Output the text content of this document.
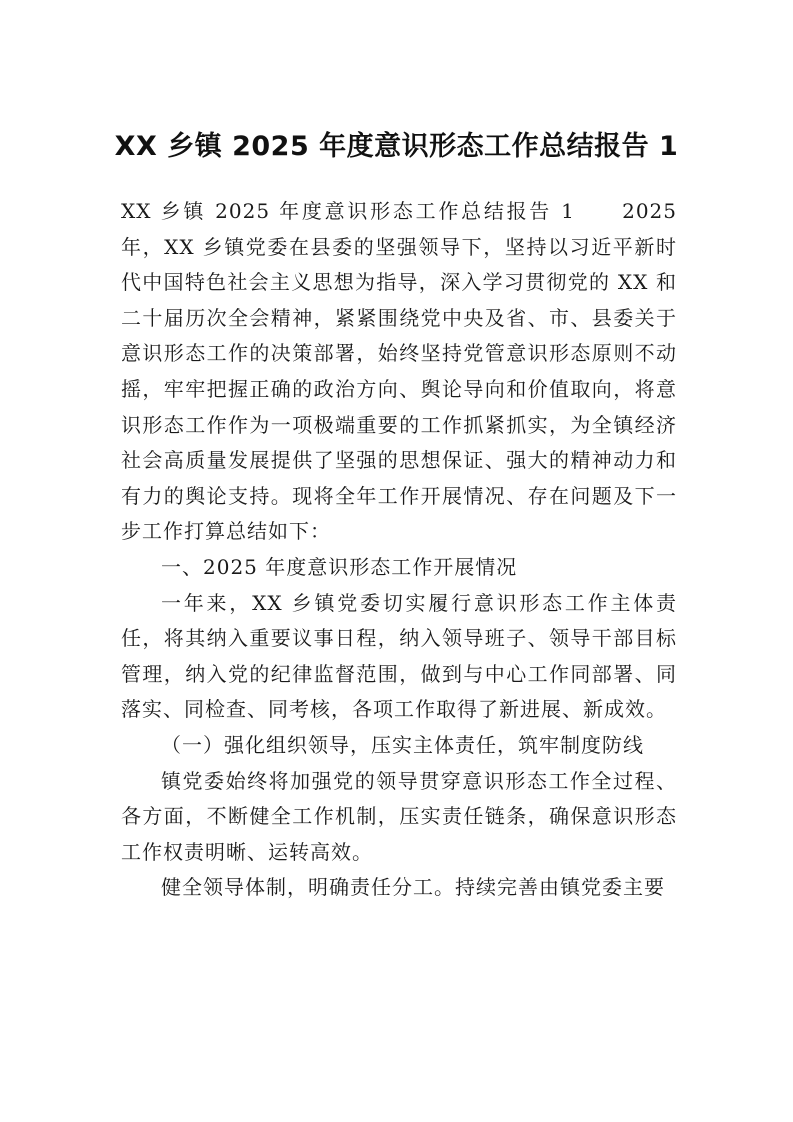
XX 乡镇 2025 年度意识形态工作总结报告 1

XX 乡镇 2025 年度意识形态工作总结报告 1　　2025 年，XX 乡镇党委在县委的坚强领导下，坚持以习近平新时代中国特色社会主义思想为指导，深入学习贯彻党的 XX 和二十届历次全会精神，紧紧围绕党中央及省、市、县委关于意识形态工作的决策部署，始终坚持党管意识形态原则不动摇，牢牢把握正确的政治方向、舆论导向和价值取向，将意识形态工作作为一项极端重要的工作抓紧抓实，为全镇经济社会高质量发展提供了坚强的思想保证、强大的精神动力和有力的舆论支持。现将全年工作开展情况、存在问题及下一步工作打算总结如下：

一、2025 年度意识形态工作开展情况

一年来，XX 乡镇党委切实履行意识形态工作主体责任，将其纳入重要议事日程，纳入领导班子、领导干部目标管理，纳入党的纪律监督范围，做到与中心工作同部署、同落实、同检查、同考核，各项工作取得了新进展、新成效。

（一）强化组织领导，压实主体责任，筑牢制度防线

镇党委始终将加强党的领导贯穿意识形态工作全过程、各方面，不断健全工作机制，压实责任链条，确保意识形态工作权责明晰、运转高效。

健全领导体制，明确责任分工。持续完善由镇党委主要
